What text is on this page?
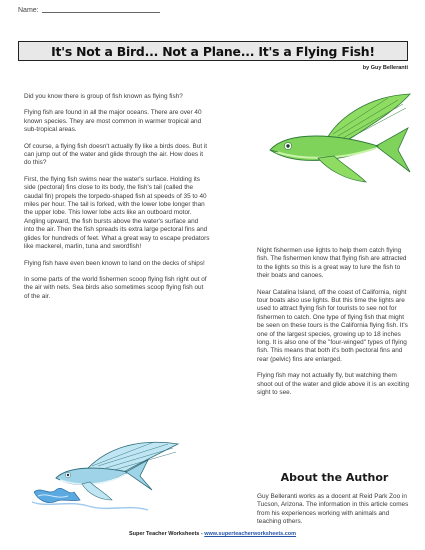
Name:
It's Not a Bird... Not a Plane... It's a Flying Fish!
by Guy Belleranti

Did you know there is group of fish known as flying fish?

Flying fish are found in all the major oceans. There are over 40 known species. They are most common in warmer tropical and sub-tropical areas.

Of course, a flying fish doesn't actually fly like a birds does. But it can jump out of the water and glide through the air. How does it do this?

First, the flying fish swims near the water's surface. Holding its side (pectoral) fins close to its body, the fish's tail (called the caudal fin) propels the torpedo-shaped fish at speeds of 35 to 40 miles per hour. The tail is forked, with the lower lobe longer than the upper lobe. This lower lobe acts like an outboard motor. Angling upward, the fish bursts above the water's surface and into the air. Then the fish spreads its extra large pectoral fins and glides for hundreds of feet. What a great way to escape predators like mackerel, marlin, tuna and swordfish!

Flying fish have even been known to land on the decks of ships!

In some parts of the world fishermen scoop flying fish right out of the air with nets. Sea birds also sometimes scoop flying fish out of the air.

Night fishermen use lights to help them catch flying fish. The fishermen know that flying fish are attracted to the lights so this is a great way to lure the fish to their boats and canoes.

Near Catalina Island, off the coast of California, night tour boats also use lights. But this time the lights are used to attract flying fish for tourists to see not for fishermen to catch. One type of flying fish that might be seen on these tours is the California flying fish. It's one of the largest species, growing up to 18 inches long. It is also one of the "four-winged" types of flying fish. This means that both it's both pectoral fins and rear (pelvic) fins are enlarged.

Flying fish may not actually fly, but watching them shoot out of the water and glide above it is an exciting sight to see.

About the Author
Guy Belleranti works as a docent at Reid Park Zoo in Tucson, Arizona. The information in this article comes from his experiences working with animals and teaching others.
Super Teacher Worksheets - www.superteacherworksheets.com
